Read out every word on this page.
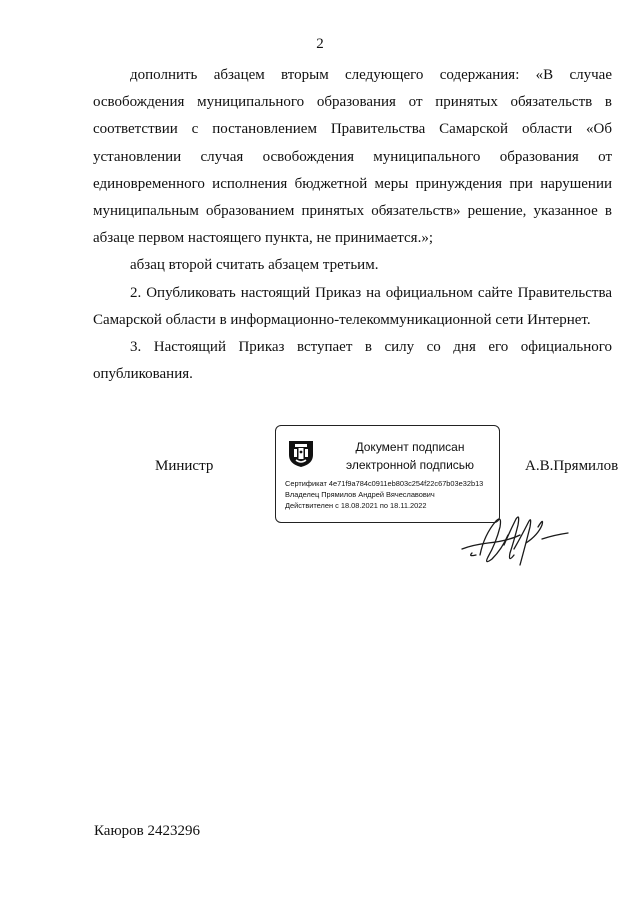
2

дополнить абзацем вторым следующего содержания: «В случае

освобождения муниципального образования от принятых обязательств в

соответствии с постановлением Правительства Самарской области «Об

установлении случая освобождения муниципального образования от

единовременного исполнения бюджетной меры принуждения при нарушении

муниципальным образованием принятых обязательств» решение, указанное в

абзаце первом настоящего пункта, не принимается.»;

абзац второй считать абзацем третьим.

2. Опубликовать настоящий Приказ на официальном сайте Правительства

Самарской области в информационно-телекоммуникационной сети Интернет.

3. Настоящий Приказ вступает в силу со дня его официального

опубликования.

Министр
Документ подписан
электронной подписью
Сертификат 4e71f9a784c0911eb803c254f22c67b03e32b13
Владелец Прямилов Андрей Вячеславович
Действителен с 18.08.2021 по 18.11.2022
А.В.Прямилов
Каюров 2423296
